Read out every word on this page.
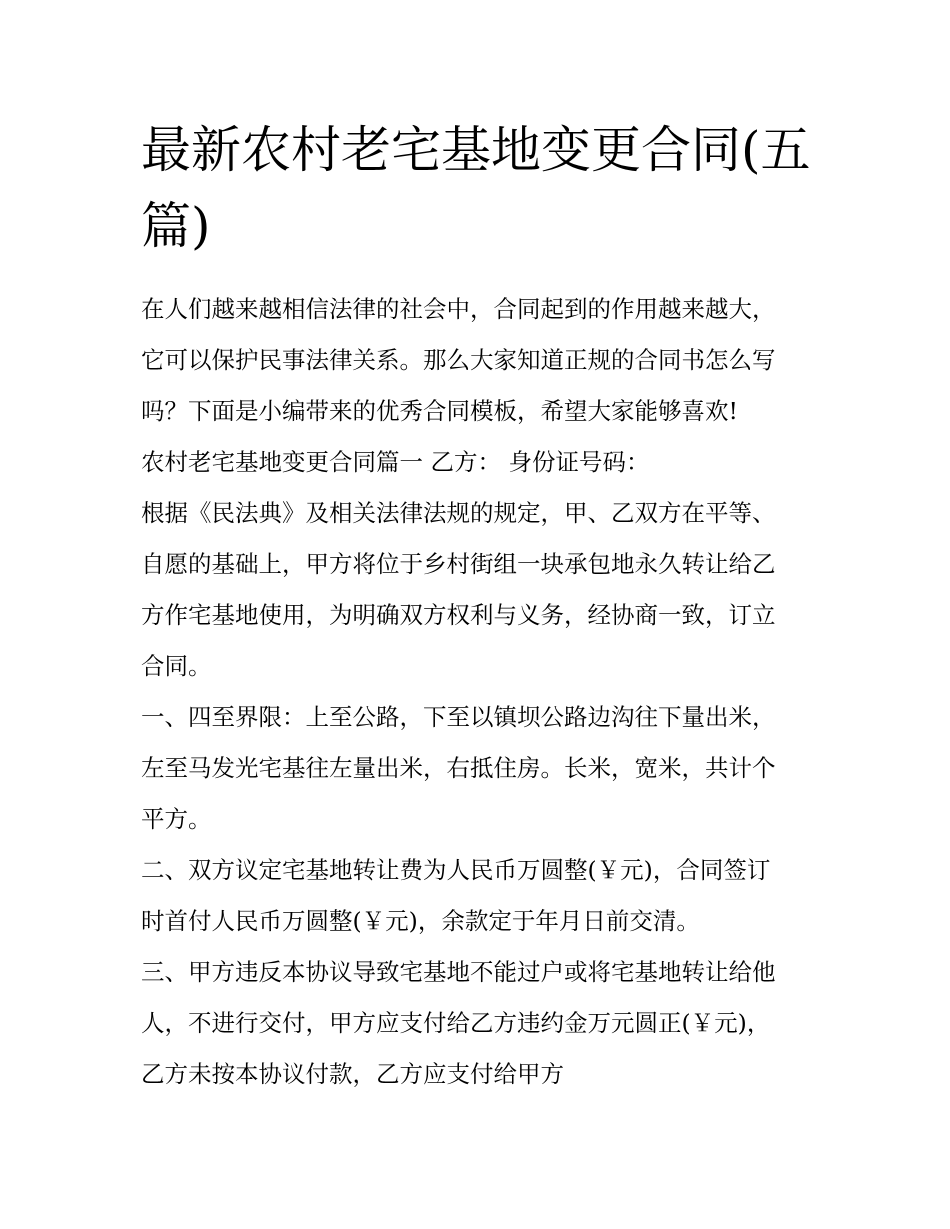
最新农村老宅基地变更合同(五篇)
在人们越来越相信法律的社会中，合同起到的作用越来越大，
它可以保护民事法律关系。那么大家知道正规的合同书怎么写
吗？下面是小编带来的优秀合同模板，希望大家能够喜欢!
农村老宅基地变更合同篇一 乙方： 身份证号码：
根据《民法典》及相关法律法规的规定，甲、乙双方在平等、
自愿的基础上，甲方将位于乡村街组一块承包地永久转让给乙
方作宅基地使用，为明确双方权利与义务，经协商一致，订立
合同。
一、四至界限：上至公路，下至以镇坝公路边沟往下量出米，
左至马发光宅基往左量出米，右抵住房。长米，宽米，共计个
平方。
二、双方议定宅基地转让费为人民币万圆整(￥元)，合同签订
时首付人民币万圆整(￥元)，余款定于年月日前交清。
三、甲方违反本协议导致宅基地不能过户或将宅基地转让给他
人，不进行交付，甲方应支付给乙方违约金万元圆正(￥元)，
乙方未按本协议付款，乙方应支付给甲方
